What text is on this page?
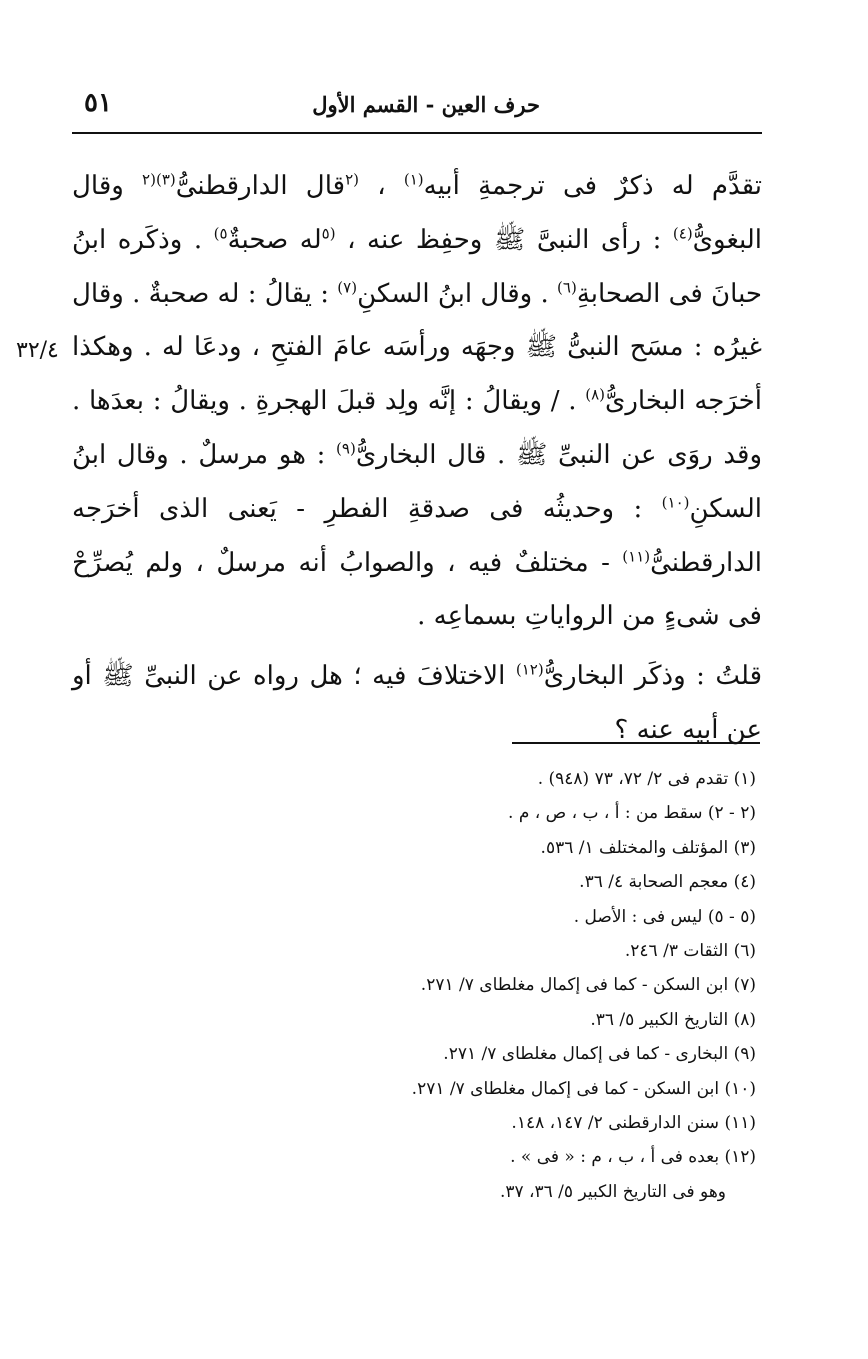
٥١	حرف العين - القسم الأول
٣٢/٤

تقدَّم له ذكرٌ فى ترجمةِ أبيه$^{(١)}$ ، $^{(٢}$قال الدارقطنىُّ$^{(٣)(٢}$ وقال البغوىُّ$^{(٤)}$ : رأى النبىَّ ﷺ وحفِظ عنه ، $^{(٥}$له صحبةٌ$^{٥)}$ . وذكَره ابنُ حبانَ فى الصحابةِ$^{(٦)}$ . وقال ابنُ السكنِ$^{(٧)}$ : يقالُ : له صحبةٌ . وقال غيرُه : مسَح النبىُّ ﷺ وجهَه ورأسَه عامَ الفتحِ ، ودعَا له . وهكذا أخرَجه البخارىُّ$^{(٨)}$ . / ويقالُ : إنَّه ولِد قبلَ الهجرةِ . ويقالُ : بعدَها . وقد روَى عن النبىِّ ﷺ . قال البخارىُّ$^{(٩)}$ : هو مرسلٌ . وقال ابنُ السكنِ$^{(١٠)}$ : وحديثُه فى صدقةِ الفطرِ - يَعنى الذى أخرَجه الدارقطنىُّ$^{(١١)}$ - مختلفٌ فيه ، والصوابُ أنه مرسلٌ ، ولم يُصرِّحْ فى شىءٍ من الرواياتِ بسماعِه .

قلتُ : وذكَر البخارىُّ$^{(١٢)}$ الاختلافَ فيه ؛ هل رواه عن النبىِّ ﷺ أو عن أبيه عنه ؟

(١) تقدم فى ٢/ ٧٢، ٧٣ (٩٤٨) .

(٢ - ٢) سقط من : أ ، ب ، ص ، م .

(٣) المؤتلف والمختلف ١/ ٥٣٦.

(٤) معجم الصحابة ٤/ ٣٦.

(٥ - ٥) ليس فى : الأصل .

(٦) الثقات ٣/ ٢٤٦.

(٧) ابن السكن - كما فى إكمال مغلطاى ٧/ ٢٧١.

(٨) التاريخ الكبير ٥/ ٣٦.

(٩) البخارى - كما فى إكمال مغلطاى ٧/ ٢٧١.

(١٠) ابن السكن - كما فى إكمال مغلطاى ٧/ ٢٧١.

(١١) سنن الدارقطنى ٢/ ١٤٧، ١٤٨.

(١٢) بعده فى أ ، ب ، م : « فى » .

وهو فى التاريخ الكبير ٥/ ٣٦، ٣٧.
